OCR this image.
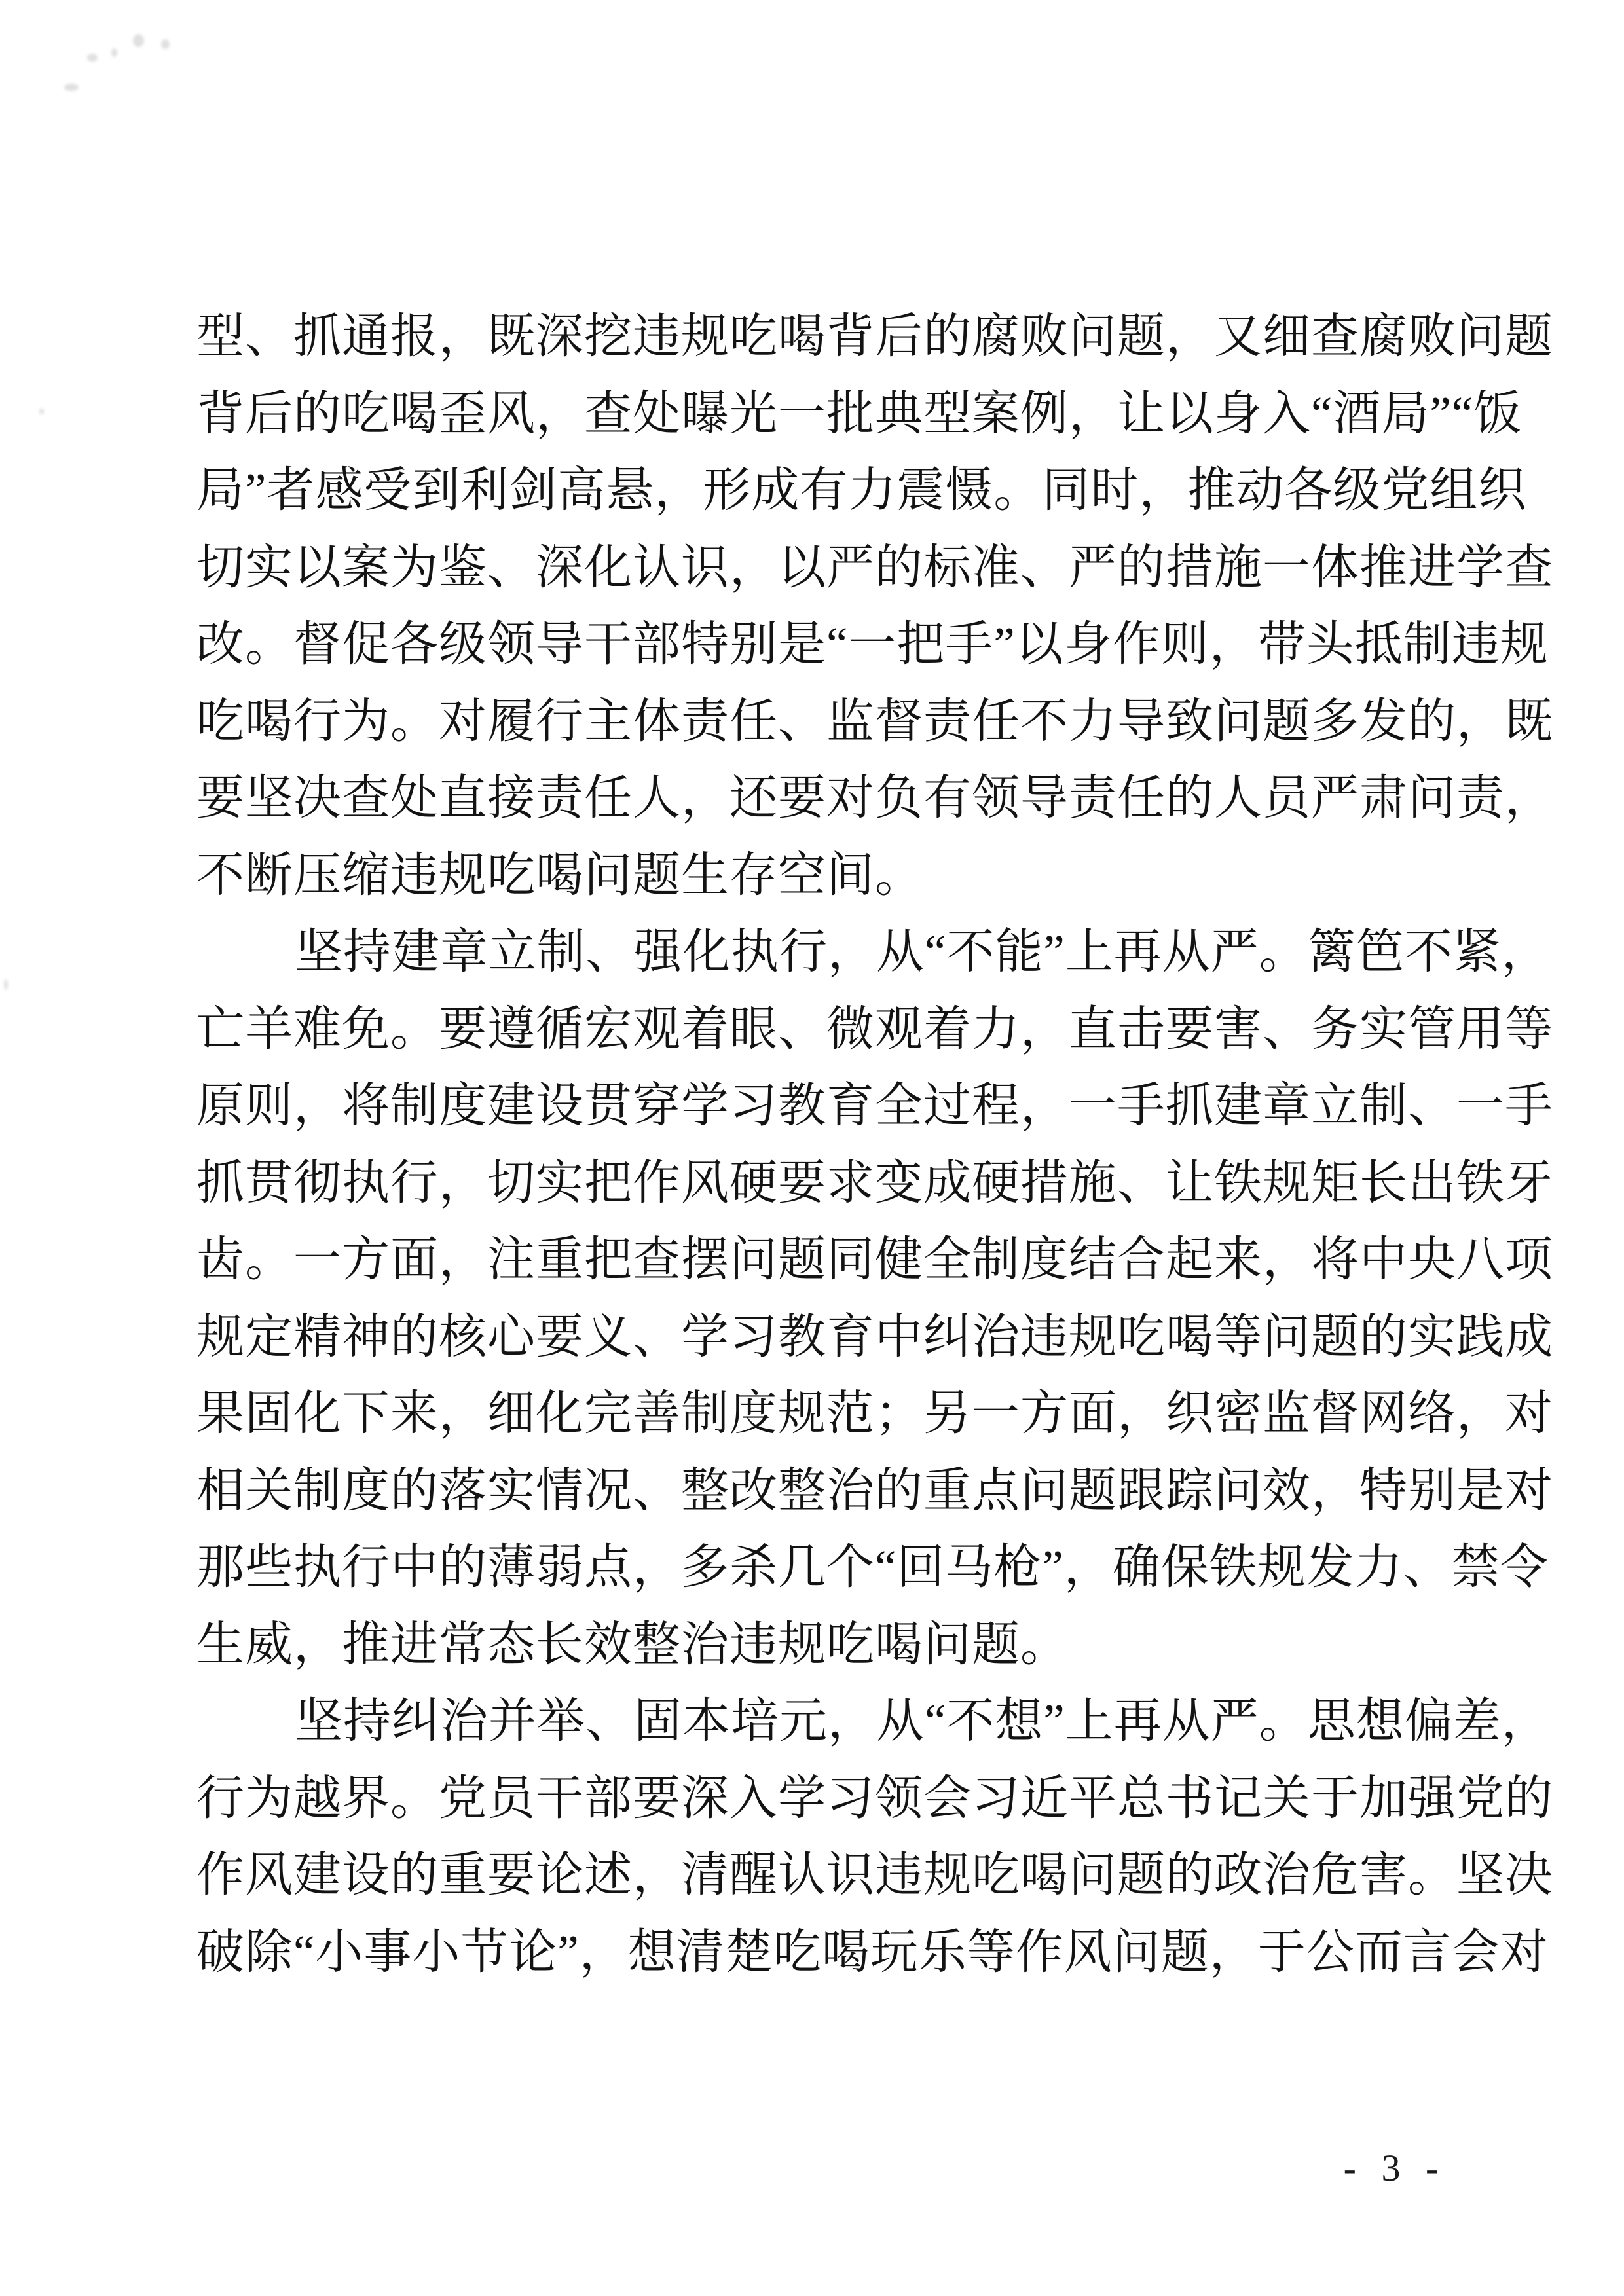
型、抓通报，既深挖违规吃喝背后的腐败问题，又细查腐败问题
背后的吃喝歪风，查处曝光一批典型案例，让以身入“酒局”“饭
局”者感受到利剑高悬，形成有力震慑。同时，推动各级党组织
切实以案为鉴、深化认识，以严的标准、严的措施一体推进学查
改。督促各级领导干部特别是“一把手”以身作则，带头抵制违规
吃喝行为。对履行主体责任、监督责任不力导致问题多发的，既
要坚决查处直接责任人，还要对负有领导责任的人员严肃问责，
不断压缩违规吃喝问题生存空间。
坚持建章立制、强化执行，从“不能”上再从严。篱笆不紧，
亡羊难免。要遵循宏观着眼、微观着力，直击要害、务实管用等
原则，将制度建设贯穿学习教育全过程，一手抓建章立制、一手
抓贯彻执行，切实把作风硬要求变成硬措施、让铁规矩长出铁牙
齿。一方面，注重把查摆问题同健全制度结合起来，将中央八项
规定精神的核心要义、学习教育中纠治违规吃喝等问题的实践成
果固化下来，细化完善制度规范；另一方面，织密监督网络，对
相关制度的落实情况、整改整治的重点问题跟踪问效，特别是对
那些执行中的薄弱点，多杀几个“回马枪”，确保铁规发力、禁令
生威，推进常态长效整治违规吃喝问题。
坚持纠治并举、固本培元，从“不想”上再从严。思想偏差，
行为越界。党员干部要深入学习领会习近平总书记关于加强党的
作风建设的重要论述，清醒认识违规吃喝问题的政治危害。坚决
破除“小事小节论”，想清楚吃喝玩乐等作风问题，于公而言会对
- 3 -
